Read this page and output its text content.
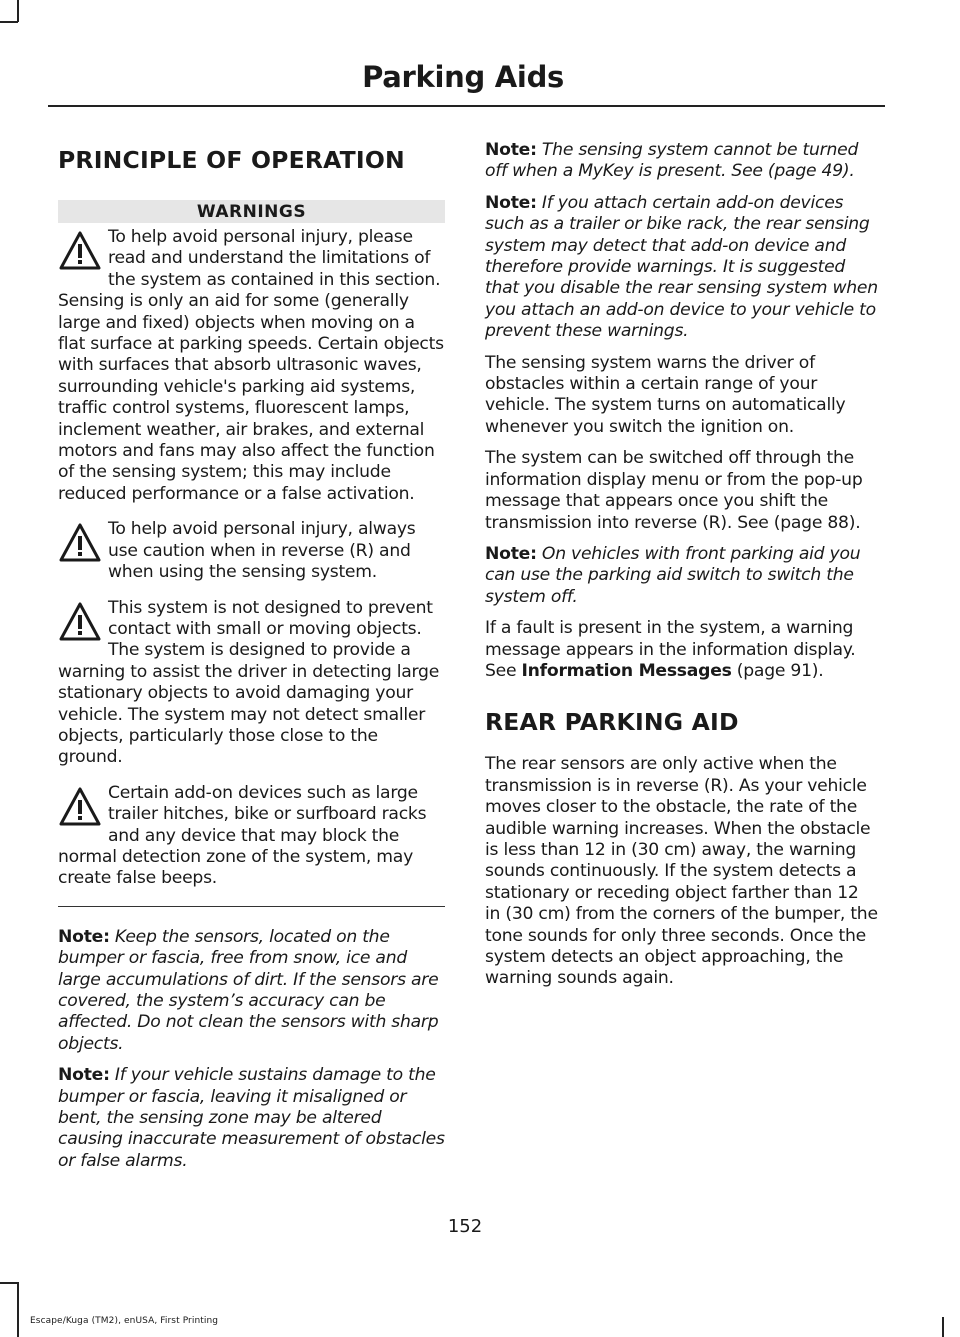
Parking Aids
PRINCIPLE OF OPERATION
WARNINGS
To help avoid personal injury, please read and understand the limitations of the system as contained in this section. Sensing is only an aid for some (generally large and fixed) objects when moving on a flat surface at parking speeds. Certain objects with surfaces that absorb ultrasonic waves, surrounding vehicle's parking aid systems, traffic control systems, fluorescent lamps, inclement weather, air brakes, and external motors and fans may also affect the function of the sensing system; this may include reduced performance or a false activation.
To help avoid personal injury, always use caution when in reverse (R) and when using the sensing system.
This system is not designed to prevent contact with small or moving objects. The system is designed to provide a warning to assist the driver in detecting large stationary objects to avoid damaging your vehicle. The system may not detect smaller objects, particularly those close to the ground.
Certain add-on devices such as large trailer hitches, bike or surfboard racks and any device that may block the normal detection zone of the system, may create false beeps.

Note: Keep the sensors, located on the bumper or fascia, free from snow, ice and large accumulations of dirt. If the sensors are covered, the system’s accuracy can be affected. Do not clean the sensors with sharp objects.

Note: If your vehicle sustains damage to the bumper or fascia, leaving it misaligned or bent, the sensing zone may be altered causing inaccurate measurement of obstacles or false alarms.

Note: The sensing system cannot be turned off when a MyKey is present. See (page 49).

Note: If you attach certain add-on devices such as a trailer or bike rack, the rear sensing system may detect that add-on device and therefore provide warnings. It is suggested that you disable the rear sensing system when you attach an add-on device to your vehicle to prevent these warnings.

The sensing system warns the driver of obstacles within a certain range of your vehicle. The system turns on automatically whenever you switch the ignition on.

The system can be switched off through the information display menu or from the pop-up message that appears once you shift the transmission into reverse (R). See (page 88).

Note: On vehicles with front parking aid you can use the parking aid switch to switch the system off.

If a fault is present in the system, a warning message appears in the information display. See Information Messages (page 91).

REAR PARKING AID

The rear sensors are only active when the transmission is in reverse (R). As your vehicle moves closer to the obstacle, the rate of the audible warning increases. When the obstacle is less than 12 in (30 cm) away, the warning sounds continuously. If the system detects a stationary or receding object farther than 12 in (30 cm) from the corners of the bumper, the tone sounds for only three seconds. Once the system detects an object approaching, the warning sounds again.

152
Escape/Kuga (TM2), enUSA, First Printing
